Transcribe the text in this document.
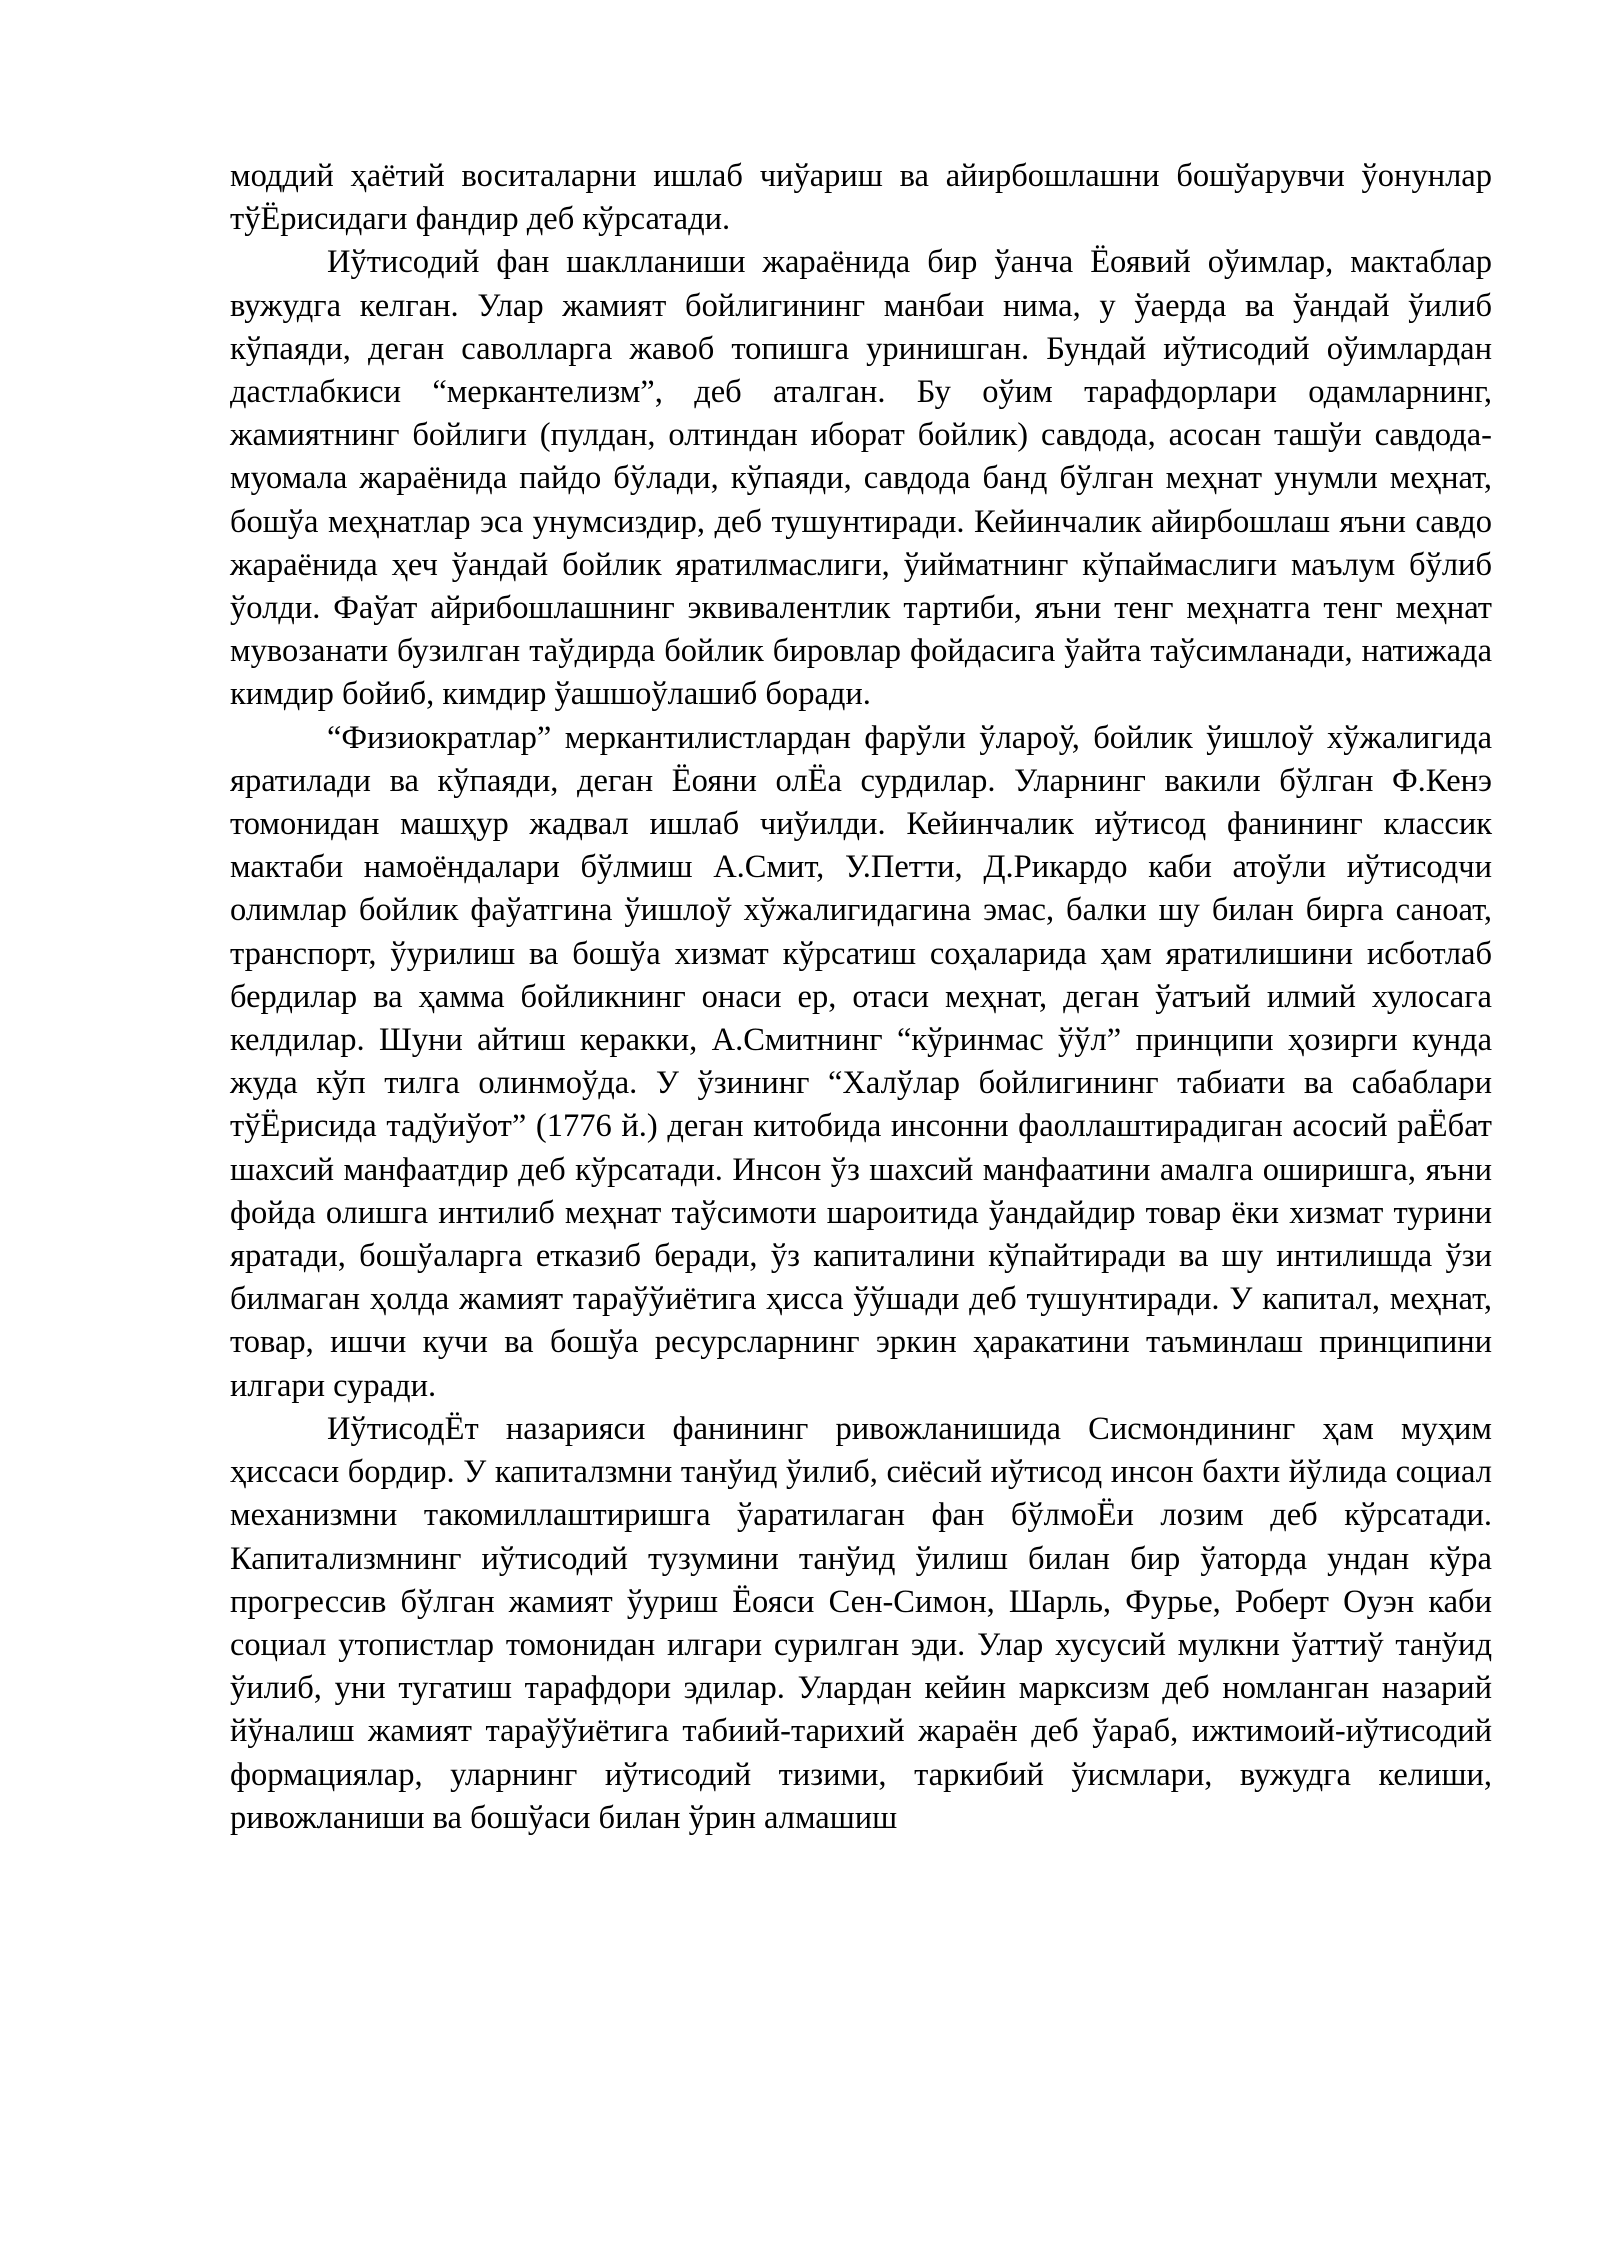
моддий ҳаётий воситаларни ишлаб чиўариш ва айирбошлашни бошўарувчи ўонунлар тўЁрисидаги фандир деб кўрсатади.

Иўтисодий фан шаклланиши жараёнида бир ўанча Ёоявий оўимлар, мактаблар вужудга келган. Улар жамият бойлигининг манбаи нима, у ўаерда ва ўандай ўилиб кўпаяди, деган саволларга жавоб топишга уринишган. Бундай иўтисодий оўимлардан дастлабкиси “меркантелизм”, деб аталган. Бу оўим тарафдорлари одамларнинг, жамиятнинг бойлиги (пулдан, олтиндан иборат бойлик) савдода, асосан ташўи савдода-муомала жараёнида пайдо бўлади, кўпаяди, савдода банд бўлган меҳнат унумли меҳнат, бошўа меҳнатлар эса унумсиздир, деб тушунтиради. Кейинчалик айирбошлаш яъни савдо жараёнида ҳеч ўандай бойлик яратилмаслиги, ўийматнинг кўпаймаслиги маълум бўлиб ўолди. Фаўат айрибошлашнинг эквивалентлик тартиби, яъни тенг меҳнатга тенг меҳнат мувозанати бузилган таўдирда бойлик бировлар фойдасига ўайта таўсимланади, натижада кимдир бойиб, кимдир ўашшоўлашиб боради.

“Физиократлар” меркантилистлардан фарўли ўлароў, бойлик ўишлоў хўжалигида яратилади ва кўпаяди, деган Ёояни олЁа сурдилар. Уларнинг вакили бўлган Ф.Кенэ томонидан машҳур жадвал ишлаб чиўилди. Кейинчалик иўтисод фанининг классик мактаби намоёндалари бўлмиш А.Смит, У.Петти, Д.Рикардо каби атоўли иўтисодчи олимлар бойлик фаўатгина ўишлоў хўжалигидагина эмас, балки шу билан бирга саноат, транспорт, ўурилиш ва бошўа хизмат кўрсатиш соҳаларида ҳам яратилишини исботлаб бердилар ва ҳамма бойликнинг онаси ер, отаси меҳнат, деган ўатъий илмий хулосага келдилар. Шуни айтиш керакки, А.Смитнинг “кўринмас ўўл” принципи ҳозирги кунда жуда кўп тилга олинмоўда. У ўзининг “Халўлар бойлигининг табиати ва сабаблари тўЁрисида тадўиўот” (1776 й.) деган китобида инсонни фаоллаштирадиган асосий раЁбат шахсий манфаатдир деб кўрсатади. Инсон ўз шахсий манфаатини амалга оширишга, яъни фойда олишга интилиб меҳнат таўсимоти шароитида ўандайдир товар ёки хизмат турини яратади, бошўаларга етказиб беради, ўз капиталини кўпайтиради ва шу интилишда ўзи билмаган ҳолда жамият тараўўиётига ҳисса ўўшади деб тушунтиради. У капитал, меҳнат, товар, ишчи кучи ва бошўа ресурсларнинг эркин ҳаракатини таъминлаш принципини илгари суради.

ИўтисодЁт назарияси фанининг ривожланишида Сисмондининг ҳам муҳим ҳиссаси бордир. У капиталзмни танўид ўилиб, сиёсий иўтисод инсон бахти йўлида социал механизмни такомиллаштиришга ўаратилаган фан бўлмоЁи лозим деб кўрсатади. Капитализмнинг иўтисодий тузумини танўид ўилиш билан бир ўаторда ундан кўра прогрессив бўлган жамият ўуриш Ёояси Сен-Симон, Шарль, Фурье, Роберт Оуэн каби социал утопистлар томонидан илгари сурилган эди. Улар хусусий мулкни ўаттиў танўид ўилиб, уни тугатиш тарафдори эдилар. Улардан кейин марксизм деб номланган назарий йўналиш жамият тараўўиётига табиий-тарихий жараён деб ўараб, ижтимоий-иўтисодий формациялар, уларнинг иўтисодий тизими, таркибий ўисмлари, вужудга келиши, ривожланиши ва бошўаси билан ўрин алмашиш
